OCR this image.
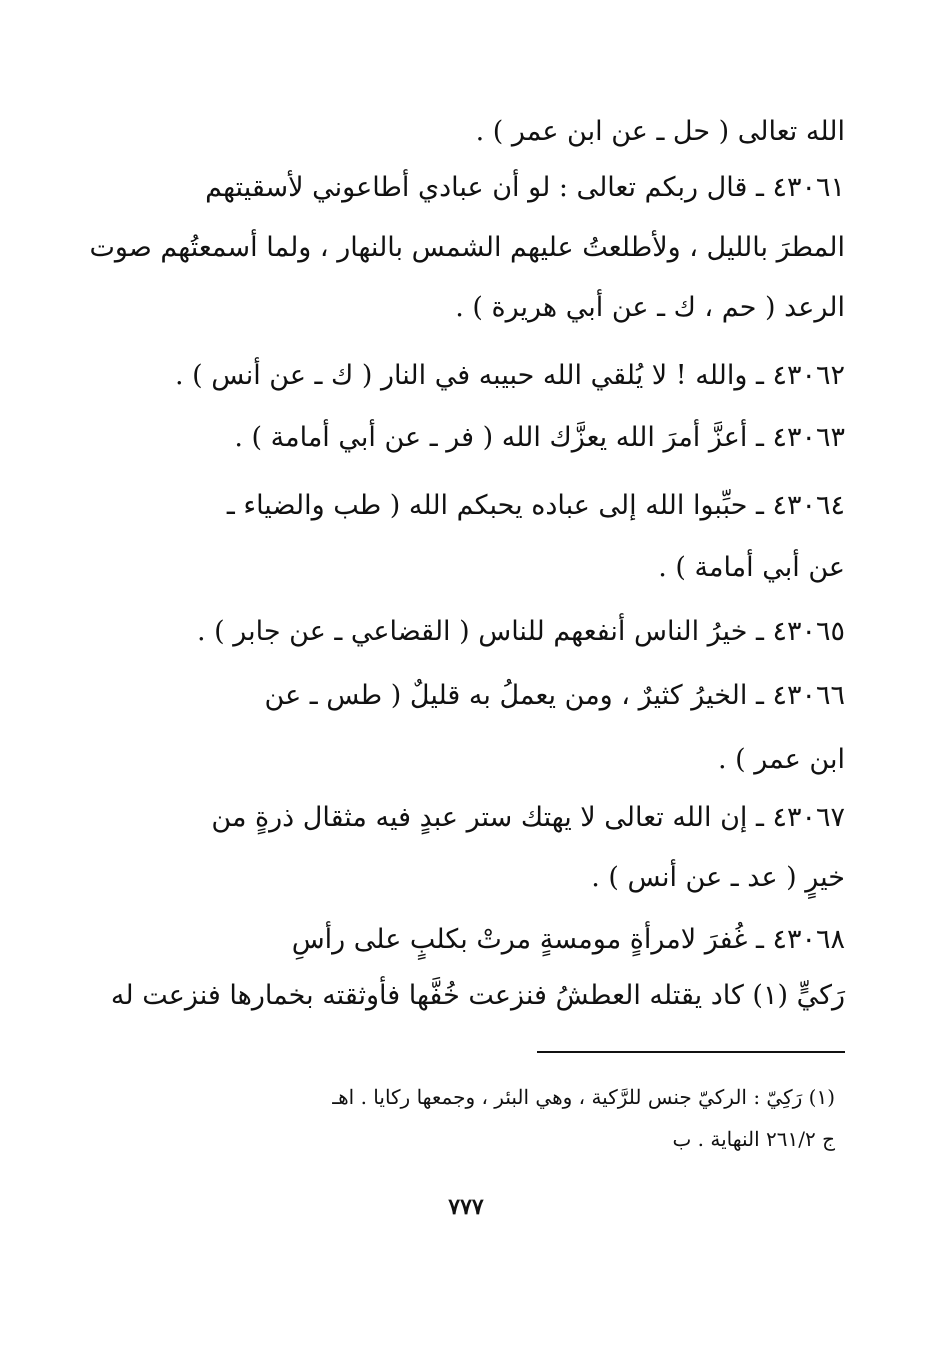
الله تعالى ( حل ـ عن ابن عمر ) .
٤٣٠٦١ ـ قال ربكم تعالى : لو أن عبادي أطاعوني لأسقيتهم
المطرَ بالليل ، ولأطلعتُ عليهم الشمس بالنهار ، ولما أسمعتُهم صوت
الرعد ( حم ، ك ـ عن أبي هريرة ) .
٤٣٠٦٢ ـ والله ! لا يُلقي الله حبيبه في النار ( ك ـ عن أنس ) .
٤٣٠٦٣ ـ أعزَّ أمرَ الله يعزَّك الله ( فر ـ عن أبي أمامة ) .
٤٣٠٦٤ ـ حبِّبوا الله إلى عباده يحبكم الله ( طب والضياء ـ
عن أبي أمامة ) .
٤٣٠٦٥ ـ خيرُ الناس أنفعهم للناس ( القضاعي ـ عن جابر ) .
٤٣٠٦٦ ـ الخيرُ كثيرٌ ، ومن يعملُ به قليلٌ ( طس ـ عن
ابن عمر ) .
٤٣٠٦٧ ـ إن الله تعالى لا يهتك ستر عبدٍ فيه مثقال ذرةٍ من
خيرٍ ( عد ـ عن أنس ) .
٤٣٠٦٨ ـ غُفرَ لامرأةٍ مومسةٍ مرتْ بكلبٍ على رأسِ
رَكيٍّ (١) كاد يقتله العطشُ فنزعت خُفَّها فأوثقته بخمارها فنزعت له
(١) رَكِيّ : الركيّ جنس للرَّكية ، وهي البئر ، وجمعها ركايا . اهـ
ج ٢٦١/٢ النهاية . ب
٧٧٧
